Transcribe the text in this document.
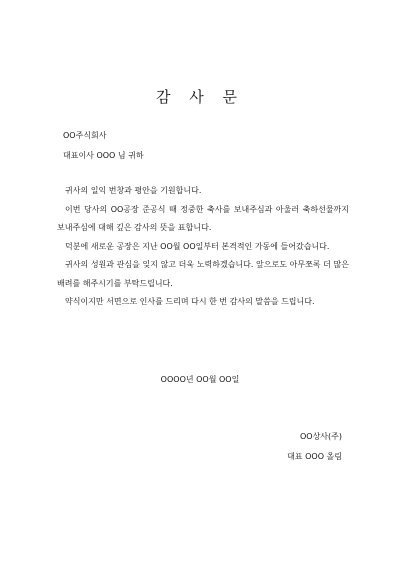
감 사 문
OO주식회사
대표이사 OOO 님 귀하

귀사의 일익 번창과 평안을 기원합니다.

이번 당사의 OO공장 준공식 때 정중한 축사를 보내주심과 아울러 축하선물까지 보내주심에 대해 깊은 감사의 뜻을 표합니다.

덕분에 새로운 공장은 지난 OO월 OO일부터 본격적인 가동에 들어갔습니다.

귀사의 성원과 관심을 잊지 않고 더욱 노력하겠습니다. 앞으로도 아무쪼록 더 많은 배려를 해주시기를 부탁드립니다.

약식이지만 서면으로 인사를 드리며 다시 한 번 감사의 말씀을 드립니다.

OOOO년 OO월 OO일
OO상사(주)
대표 OOO 올림
